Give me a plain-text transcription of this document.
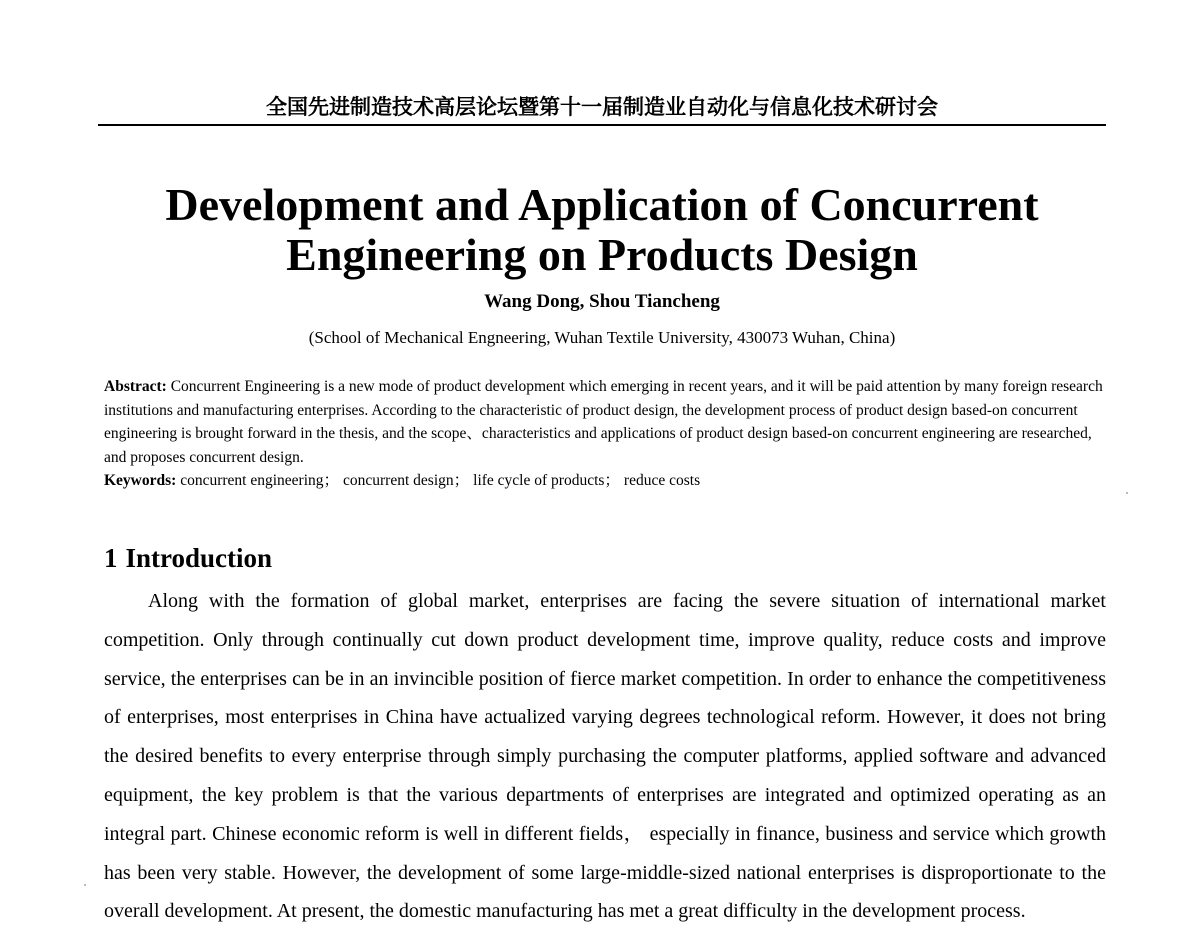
全国先进制造技术高层论坛暨第十一届制造业自动化与信息化技术研讨会
Development and Application of Concurrent
Engineering on Products Design
Wang Dong, Shou Tiancheng
(School of Mechanical Engneering, Wuhan Textile University, 430073 Wuhan, China)

Abstract: Concurrent Engineering is a new mode of product development which emerging in recent years, and it will be paid attention by many foreign research institutions and manufacturing enterprises. According to the characteristic of product design, the development process of product design based-on concurrent engineering is brought forward in the thesis, and the scope、characteristics and applications of product design based-on concurrent engineering are researched, and proposes concurrent design.

Keywords: concurrent engineering； concurrent design； life cycle of products； reduce costs

1 Introduction

Along with the formation of global market, enterprises are facing the severe situation of international market competition. Only through continually cut down product development time, improve quality, reduce costs and improve service, the enterprises can be in an invincible position of fierce market competition. In order to enhance the competitiveness of enterprises, most enterprises in China have actualized varying degrees technological reform. However, it does not bring the desired benefits to every enterprise through simply purchasing the computer platforms, applied software and advanced equipment, the key problem is that the various departments of enterprises are integrated and optimized operating as an integral part. Chinese economic reform is well in different fields， especially in finance, business and service which growth has been very stable. However, the development of some large-middle-sized national enterprises is disproportionate to the overall development. At present, the domestic manufacturing has met a great difficulty in the development process.
